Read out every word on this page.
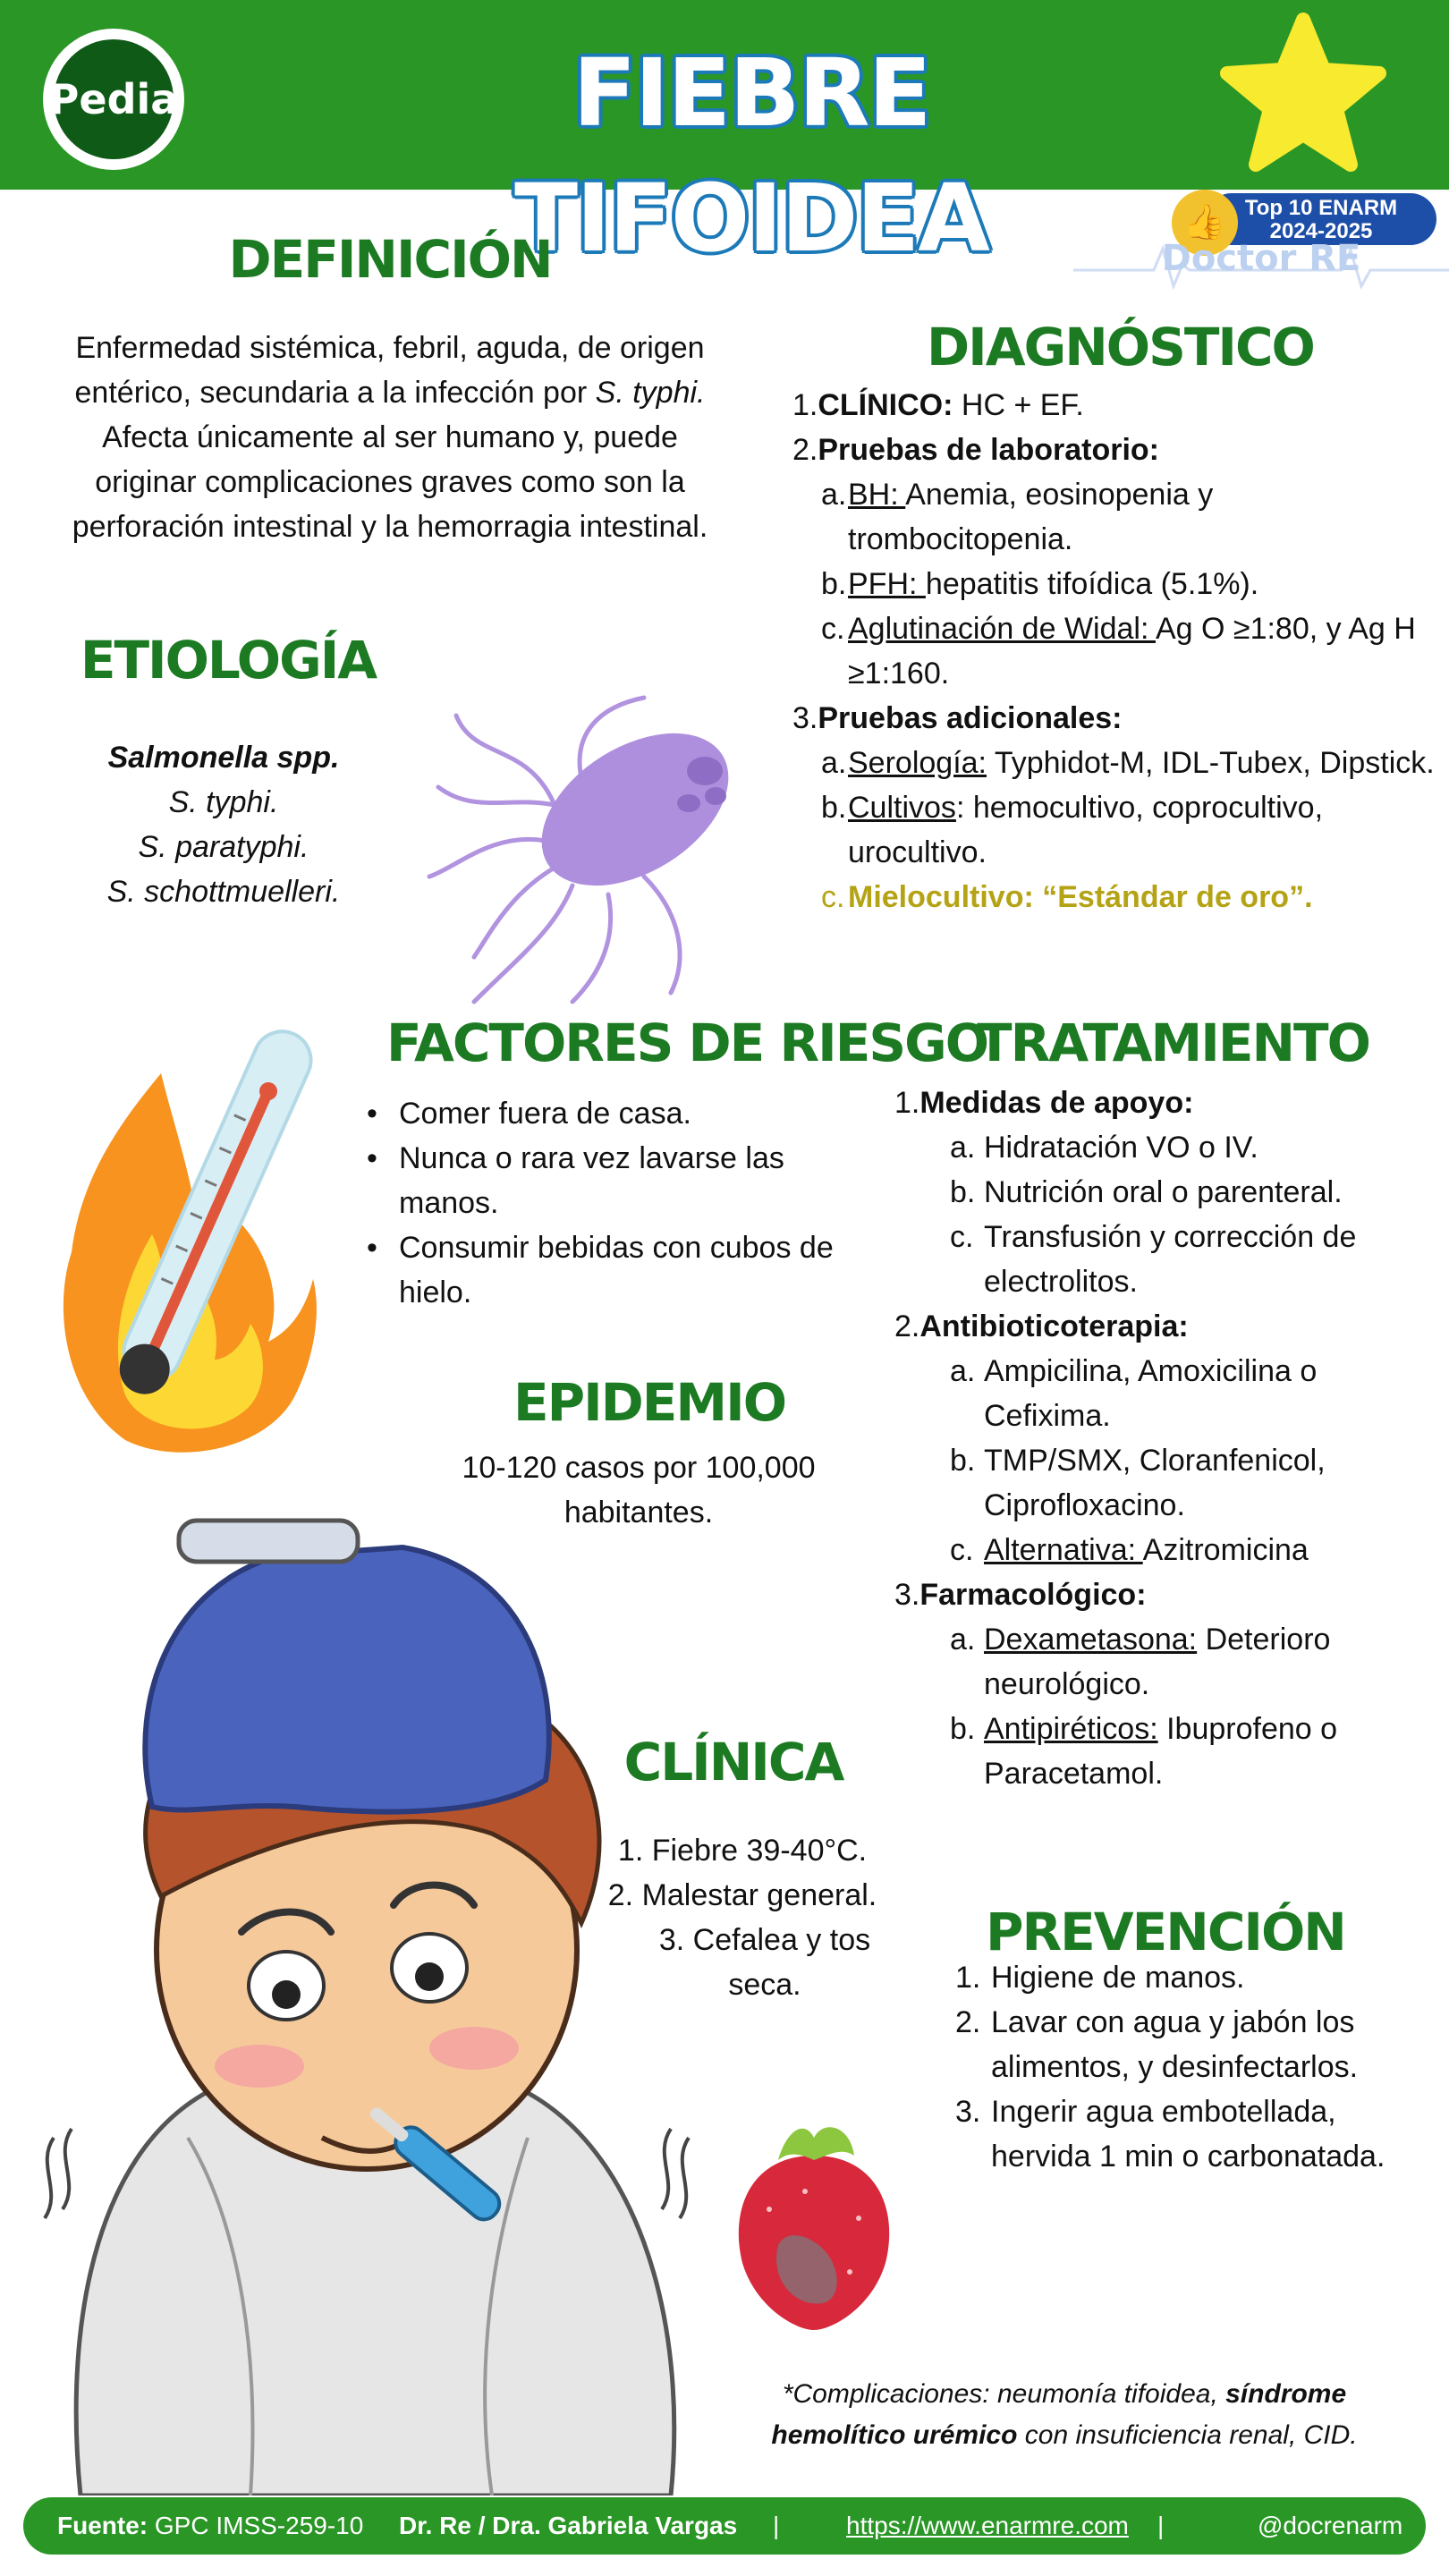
Pedia	FIEBRE TIFOIDEA	Top 10 ENARM
2024-2025
👍
Doctor RE
DEFINICIÓN
Enfermedad sistémica, febril, aguda, de origen entérico, secundaria a la infección por S. typhi. Afecta únicamente al ser humano y, puede originar complicaciones graves como son la perforación intestinal y la hemorragia intestinal.
ETIOLOGÍA
Salmonella spp.
S. typhi.
S. paratyphi.
S. schottmuelleri.
DIAGNÓSTICO
1.CLÍNICO: HC + EF.
2.Pruebas de laboratorio:
a. BH: Anemia, eosinopenia y trombocitopenia.
b. PFH: hepatitis tifoídica (5.1%).
c. Aglutinación de Widal: Ag O ≥1:80, y Ag H ≥1:160.
3.Pruebas adicionales:
a. Serología: Typhidot-M, IDL-Tubex, Dipstick.
b. Cultivos: hemocultivo, coprocultivo, urocultivo.
c. Mielocultivo: “Estándar de oro”.
FACTORES DE RIESGO
• Comer fuera de casa.
• Nunca o rara vez lavarse las manos.
• Consumir bebidas con cubos de hielo.
EPIDEMIO
10-120 casos por 100,000 habitantes.
CLÍNICA
1. Fiebre 39-40°C.
2. Malestar general.
3. Cefalea y tos seca.
TRATAMIENTO
1.Medidas de apoyo:
a. Hidratación VO o IV.
b. Nutrición oral o parenteral.
c. Transfusión y corrección de electrolitos.
2.Antibioticoterapia:
a. Ampicilina, Amoxicilina o Cefixima.
b. TMP/SMX, Cloranfenicol, Ciprofloxacino.
c. Alternativa: Azitromicina
3.Farmacológico:
a. Dexametasona: Deterioro neurológico.
b. Antipiréticos: Ibuprofeno o Paracetamol.
PREVENCIÓN
1. Higiene de manos.
2. Lavar con agua y jabón los alimentos, y desinfectarlos.
3. Ingerir agua embotellada, hervida 1 min o carbonatada.
*Complicaciones: neumonía tifoidea, síndrome hemolítico urémico con insuficiencia renal, CID.
Fuente: GPC IMSS-259-10 Dr. Re / Dra. Gabriela Vargas |	https://www.enarmre.com |	@docrenarm
